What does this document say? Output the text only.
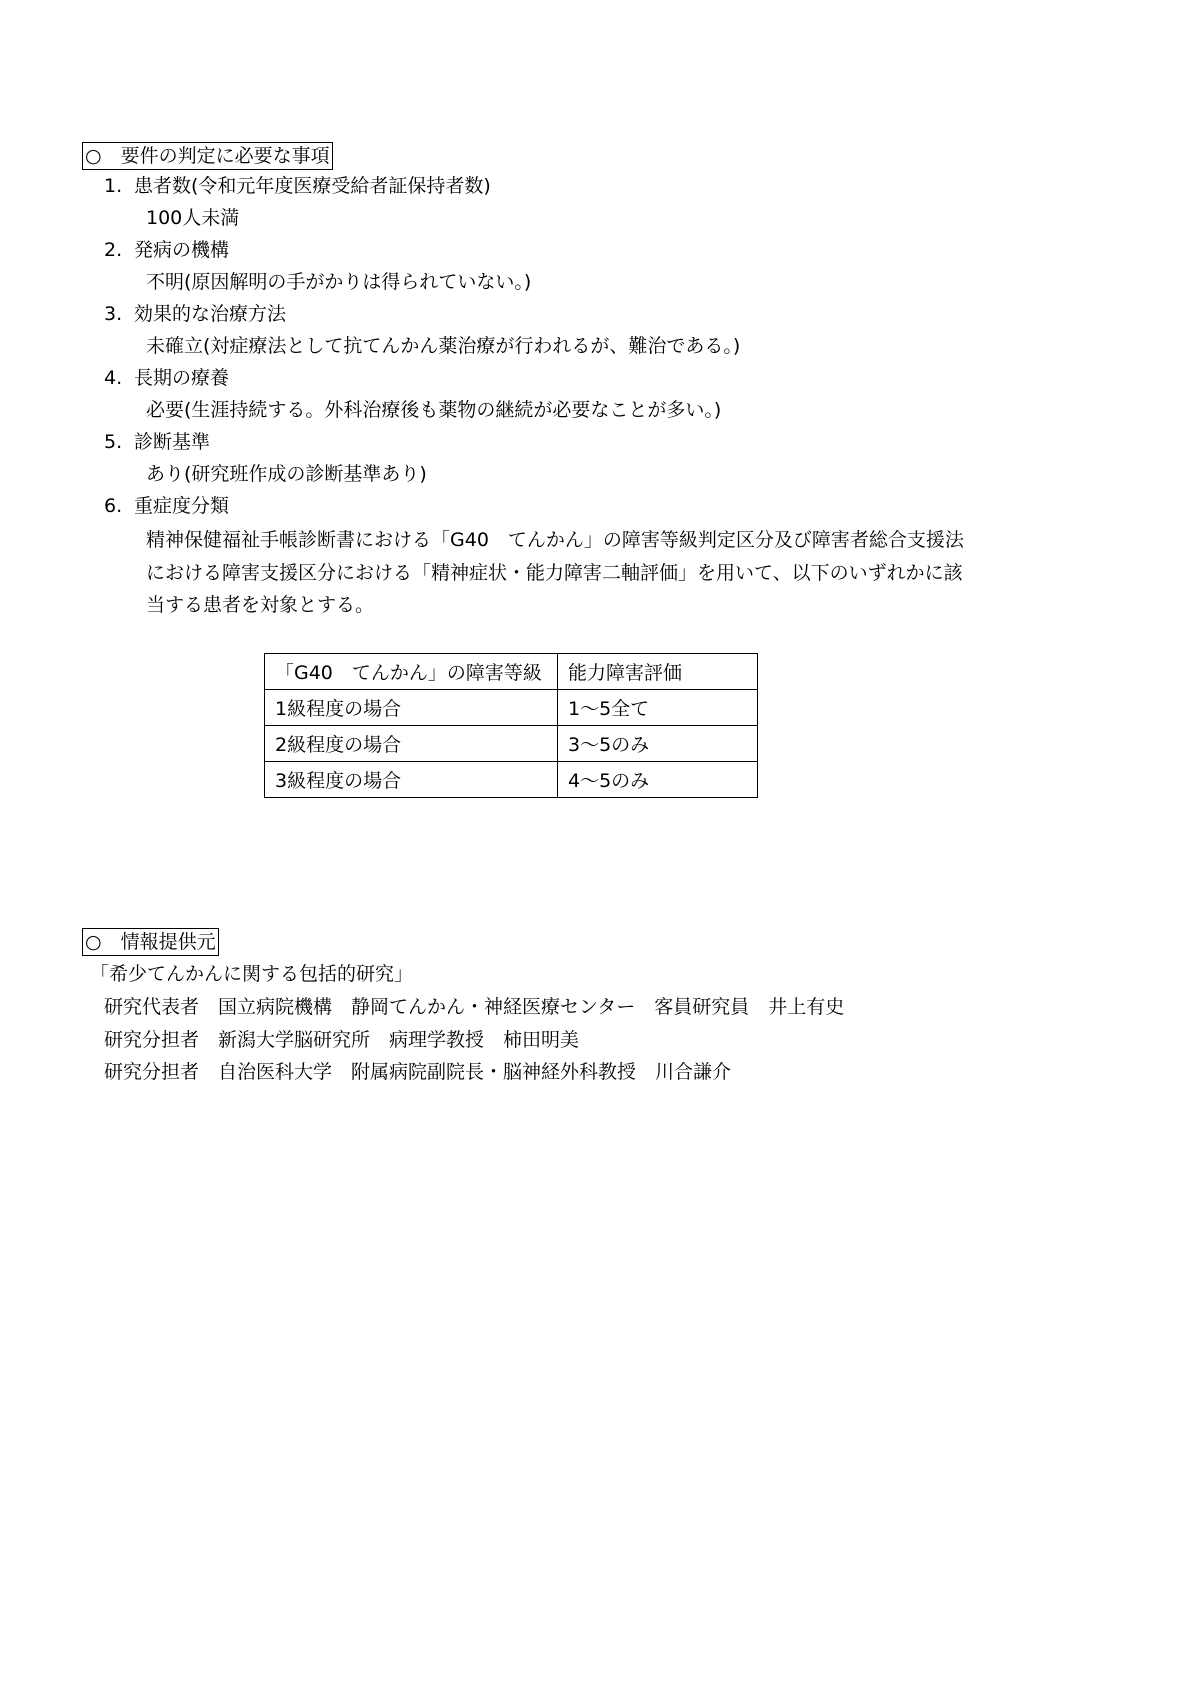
○　要件の判定に必要な事項
1. 患者数(令和元年度医療受給者証保持者数)
100人未満
2. 発病の機構
不明(原因解明の手がかりは得られていない。)
3. 効果的な治療方法
未確立(対症療法として抗てんかん薬治療が行われるが、難治である。)
4. 長期の療養
必要(生涯持続する。外科治療後も薬物の継続が必要なことが多い。)
5. 診断基準
あり(研究班作成の診断基準あり)
6. 重症度分類
精神保健福祉手帳診断書における「G40　てんかん」の障害等級判定区分及び障害者総合支援法
における障害支援区分における「精神症状・能力障害二軸評価」を用いて、以下のいずれかに該
当する患者を対象とする。
「G40　てんかん」の障害等級	能力障害評価
1級程度の場合	1～5全て
2級程度の場合	3～5のみ
3級程度の場合	4～5のみ
○　情報提供元
「希少てんかんに関する包括的研究」
研究代表者　国立病院機構　静岡てんかん・神経医療センター　客員研究員　井上有史
研究分担者　新潟大学脳研究所　病理学教授　柿田明美
研究分担者　自治医科大学　附属病院副院長・脳神経外科教授　川合謙介
